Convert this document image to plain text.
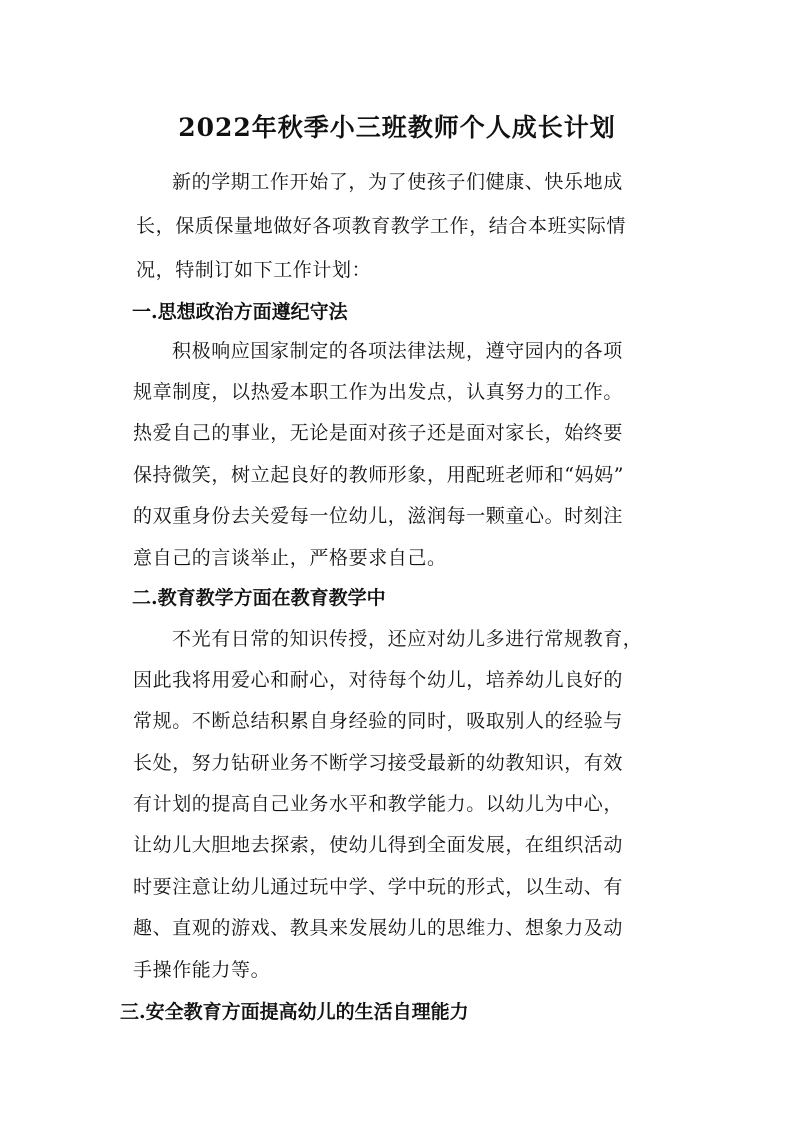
2022年秋季小三班教师个人成长计划

新的学期工作开始了，为了使孩子们健康、快乐地成

长，保质保量地做好各项教育教学工作，结合本班实际情

况，特制订如下工作计划：

一.思想政治方面遵纪守法

积极响应国家制定的各项法律法规，遵守园内的各项

规章制度，以热爱本职工作为出发点，认真努力的工作。

热爱自己的事业，无论是面对孩子还是面对家长，始终要

保持微笑，树立起良好的教师形象，用配班老师和“妈妈”

的双重身份去关爱每一位幼儿，滋润每一颗童心。时刻注

意自己的言谈举止，严格要求自己。

二.教育教学方面在教育教学中

不光有日常的知识传授，还应对幼儿多进行常规教育，

因此我将用爱心和耐心，对待每个幼儿，培养幼儿良好的

常规。不断总结积累自身经验的同时，吸取别人的经验与

长处，努力钻研业务不断学习接受最新的幼教知识，有效

有计划的提高自己业务水平和教学能力。以幼儿为中心，

让幼儿大胆地去探索，使幼儿得到全面发展，在组织活动

时要注意让幼儿通过玩中学、学中玩的形式，以生动、有

趣、直观的游戏、教具来发展幼儿的思维力、想象力及动

手操作能力等。

三.安全教育方面提高幼儿的生活自理能力
